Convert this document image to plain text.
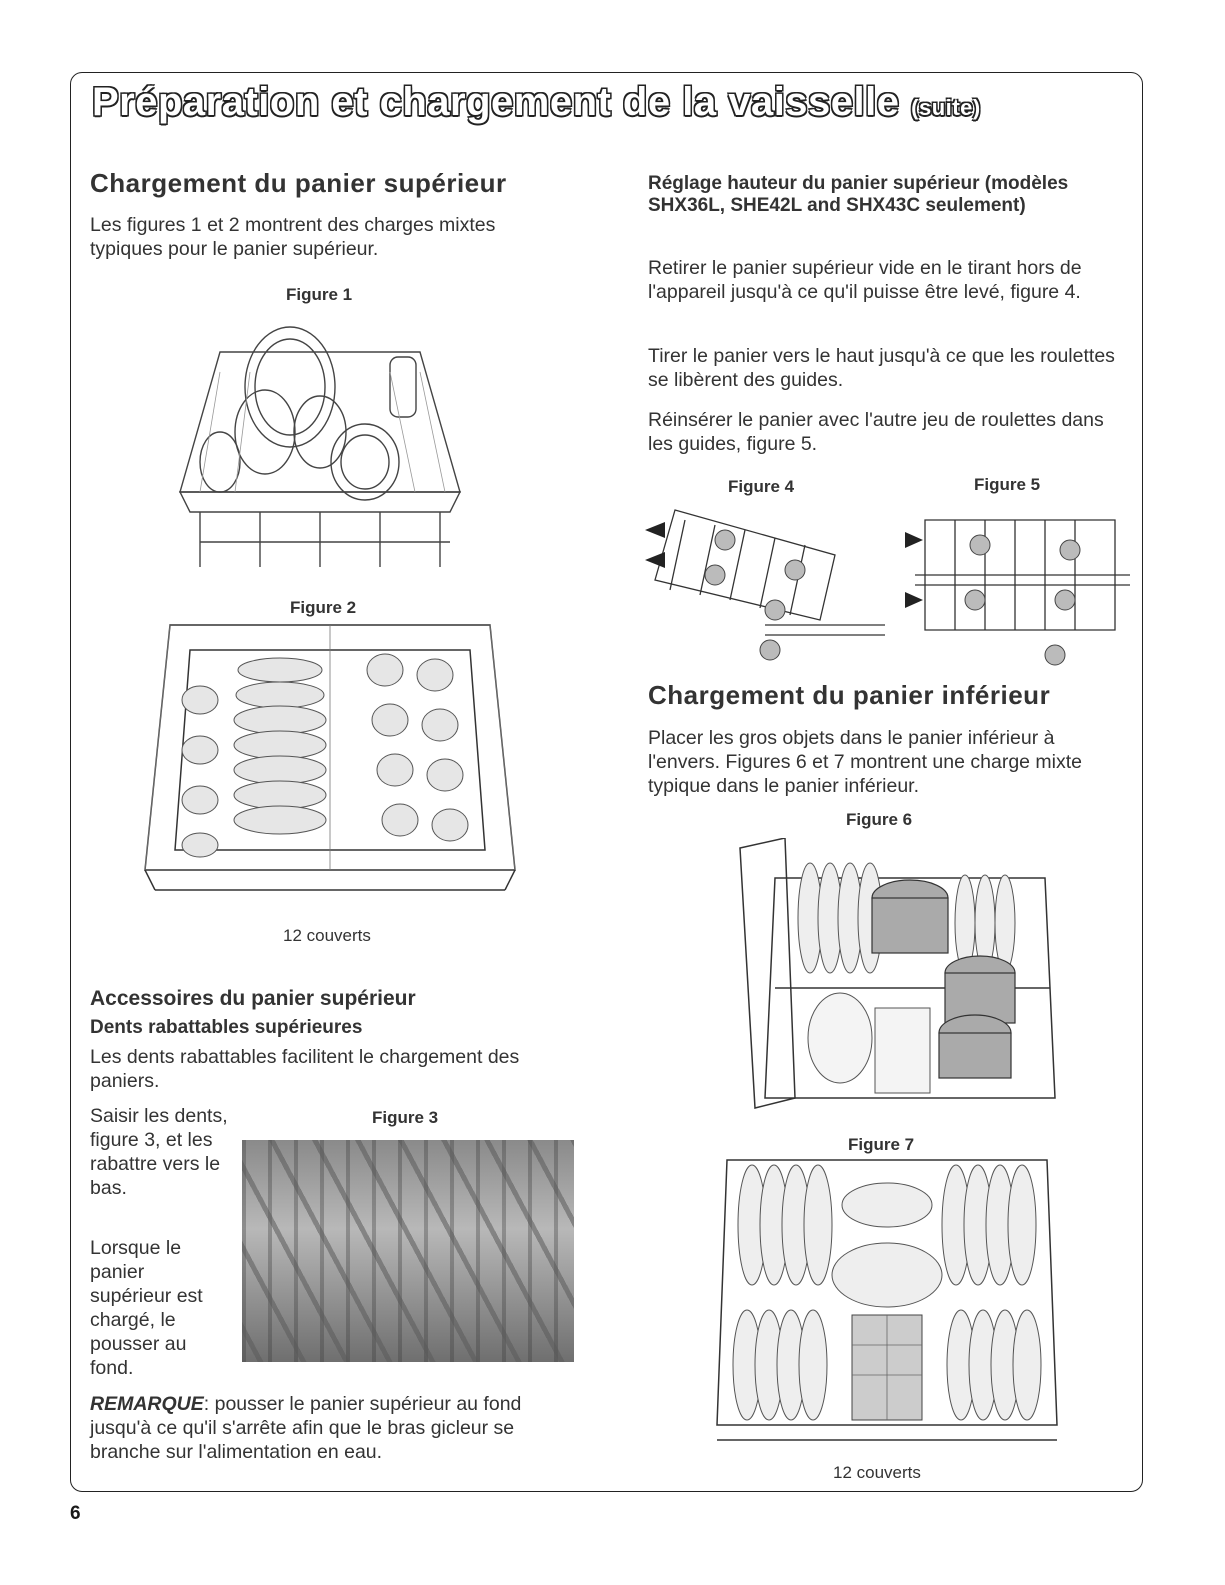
Préparation et chargement de la vaisselle (suite)
Chargement du panier supérieur
Les figures 1 et 2 montrent des charges mixtes typiques pour le panier supérieur.
Figure 1
Figure 2
12 couverts
Accessoires du panier supérieur
Dents rabattables supérieures
Les dents rabattables facilitent le chargement des paniers.
Saisir les dents, figure 3, et les rabattre vers le bas.
Lorsque le panier supérieur est chargé, le pousser au fond.
Figure 3
REMARQUE: pousser le panier supérieur au fond jusqu'à ce qu'il s'arrête afin que le bras gicleur se branche sur l'alimentation en eau.
Réglage hauteur du panier supérieur (modèles SHX36L, SHE42L and SHX43C seulement)
Retirer le panier supérieur vide en le tirant hors de l'appareil jusqu'à ce qu'il puisse être levé, figure 4.
Tirer le panier vers le haut jusqu'à ce que les roulettes se libèrent des guides.
Réinsérer le panier avec l'autre jeu de roulettes dans les guides, figure 5.
Figure 4	Figure 5
Chargement du panier inférieur
Placer les gros objets dans le panier inférieur à l'envers. Figures 6 et 7 montrent une charge mixte typique dans le panier inférieur.
Figure 6
Figure 7
12 couverts
6
